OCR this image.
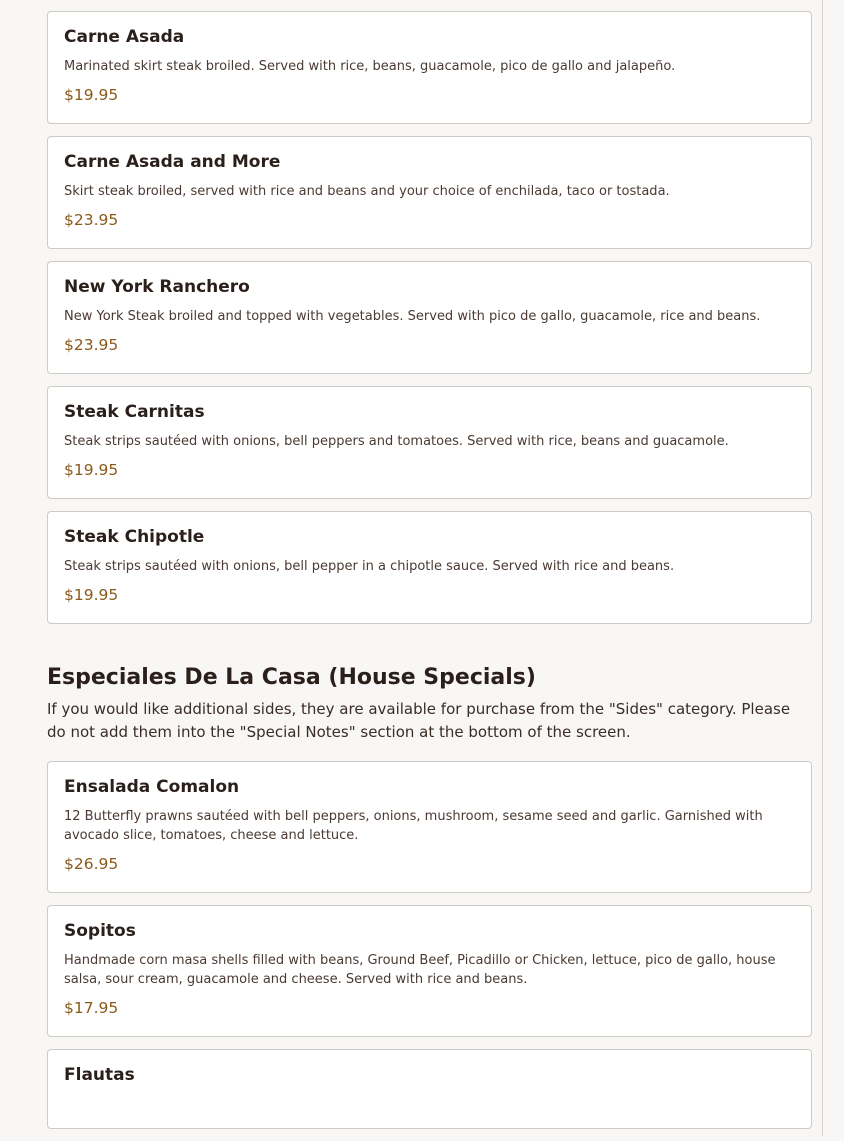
Carne Asada
Marinated skirt steak broiled. Served with rice, beans, guacamole, pico de gallo and jalapeño.
$19.95
Carne Asada and More
Skirt steak broiled, served with rice and beans and your choice of enchilada, taco or tostada.
$23.95
New York Ranchero
New York Steak broiled and topped with vegetables. Served with pico de gallo, guacamole, rice and beans.
$23.95
Steak Carnitas
Steak strips sautéed with onions, bell peppers and tomatoes. Served with rice, beans and guacamole.
$19.95
Steak Chipotle
Steak strips sautéed with onions, bell pepper in a chipotle sauce. Served with rice and beans.
$19.95
Especiales De La Casa (House Specials)
If you would like additional sides, they are available for purchase from the "Sides" category. Please do not add them into the "Special Notes" section at the bottom of the screen.
Ensalada Comalon
12 Butterfly prawns sautéed with bell peppers, onions, mushroom, sesame seed and garlic. Garnished with avocado slice, tomatoes, cheese and lettuce.
$26.95
Sopitos
Handmade corn masa shells filled with beans, Ground Beef, Picadillo or Chicken, lettuce, pico de gallo, house salsa, sour cream, guacamole and cheese. Served with rice and beans.
$17.95
Flautas
